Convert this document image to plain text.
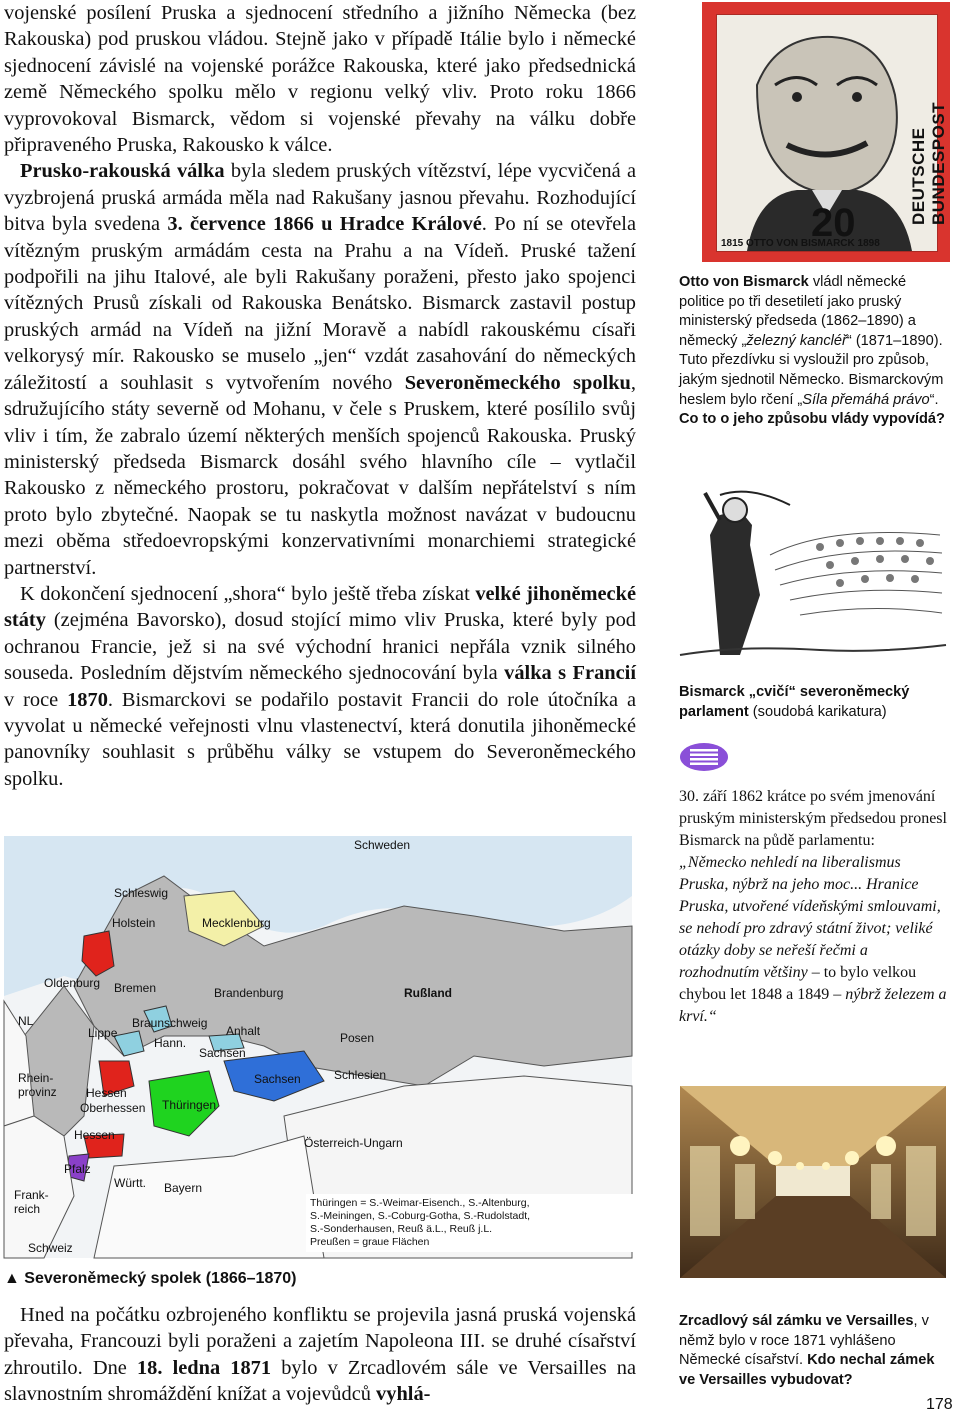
vojenské posílení Pruska a sjednocení středního a jižního Německa (bez Rakouska) pod pruskou vládou. Stejně jako v případě Itálie bylo i německé sjednocení závislé na vojenské porážce Rakouska, které jako předsednická země Německého spolku mělo v regionu velký vliv. Proto roku 1866 vyprovokoval Bismarck, vědom si vojenské převahy na válku dobře připraveného Pruska, Rakousko k válce.

Prusko-rakouská válka byla sledem pruských vítězství, lépe vycvičená a vyzbrojená pruská armáda měla nad Rakušany jasnou převahu. Rozhodující bitva byla svedena 3. července 1866 u Hradce Králové. Po ní se otevřela vítězným pruským armádám cesta na Prahu a na Vídeň. Pruské tažení podpořili na jihu Italové, ale byli Rakušany poraženi, přesto jako spojenci vítězných Prusů získali od Rakouska Benátsko. Bismarck zastavil postup pruských armád na Vídeň na jižní Moravě a nabídl rakouskému císaři velkorysý mír. Rakousko se muselo „jen“ vzdát zasahování do německých záležitostí a souhlasit s vytvořením nového Severoněmeckého spolku, sdružujícího státy severně od Mohanu, v čele s Pruskem, které posílilo svůj vliv i tím, že zabralo území některých menších spojenců Rakouska. Pruský ministerský předseda Bismarck dosáhl svého hlavního cíle – vytlačil Rakousko z německého prostoru, pokračovat v dalším nepřátelství s ním proto bylo zbytečné. Naopak se tu naskytla možnost navázat v budoucnu mezi oběma středoevropskými konzervativními monarchiemi strategické partnerství.

K dokončení sjednocení „shora“ bylo ještě třeba získat velké jihoněmecké státy (zejména Bavorsko), dosud stojící mimo vliv Pruska, které byly pod ochranou Francie, jež si na své východní hranici nepřála vznik silného souseda. Posledním dějstvím německého sjednocování byla válka s Francií v roce 1870. Bismarckovi se podařilo postavit Francii do role útočníka a vyvolat u německé veřejnosti vlnu vlastenectví, která donutila jihoněmecké panovníky souhlasit s průběhu války se vstupem do Severoněmeckého spolku.

DEUTSCHE BUNDESPOST
20
1815 OTTO VON BISMARCK 1898
Otto von Bismarck vládl německé politice po tři desetiletí jako pruský ministerský předseda (1862–1890) a německý „železný kancléř“ (1871–1890). Tuto přezdívku si vysloužil pro způsob, jakým sjednotil Německo. Bismarckovým heslem bylo rčení „Síla přemáhá právo“. Co to o jeho způsobu vlády vypovídá?
Bismarck „cvičí“ severoněmecký parlament (soudobá karikatura)
30. září 1862 krátce po svém jmenování pruským ministerským předsedou pronesl Bismarck na půdě parlamentu:
„Německo nehledí na liberalismus Pruska, nýbrž na jeho moc... Hranice Pruska, utvořené vídeňskými smlouvami, se nehodí pro zdravý státní život; veliké otázky doby se neřeší řečmi a rozhodnutím většiny – to bylo velkou chybou let 1848 a 1849 – nýbrž železem a krví.“
Schweden
Schleswig
Holstein
Oldenburg
Mecklenburg
Bremen	Brandenburg	Rußland
NL
Posen
Lippe
Braunschweig
Anhalt
Sachsen
Rhein-provinz Hessen
Oberhessen Thüringen
Sachsen	Schlesien
Hessen
Pfalz
Österreich-Ungarn
Frank-reich
Württ. Bayern
Schweiz
Hann.
Thüringen = S.-Weimar-Eisench., S.-Altenburg,
S.-Meiningen, S.-Coburg-Gotha, S.-Rudolstadt,
S.-Sonderhausen, Reuß ä.L., Reuß j.L.
Preußen = graue Flächen
▲ Severoněmecký spolek (1866–1870)
Hned na počátku ozbrojeného konfliktu se projevila jasná pruská vojenská převaha, Francouzi byli poraženi a zajetím Napoleona III. se druhé císařství zhroutilo. Dne 18. ledna 1871 bylo v Zrcadlovém sále ve Versailles na slavnostním shromáždění knížat a vojevůdců vyhlá-
Zrcadlový sál zámku ve Versailles, v němž bylo v roce 1871 vyhlášeno Německé císařství. Kdo nechal zámek ve Versailles vybudovat?
178
